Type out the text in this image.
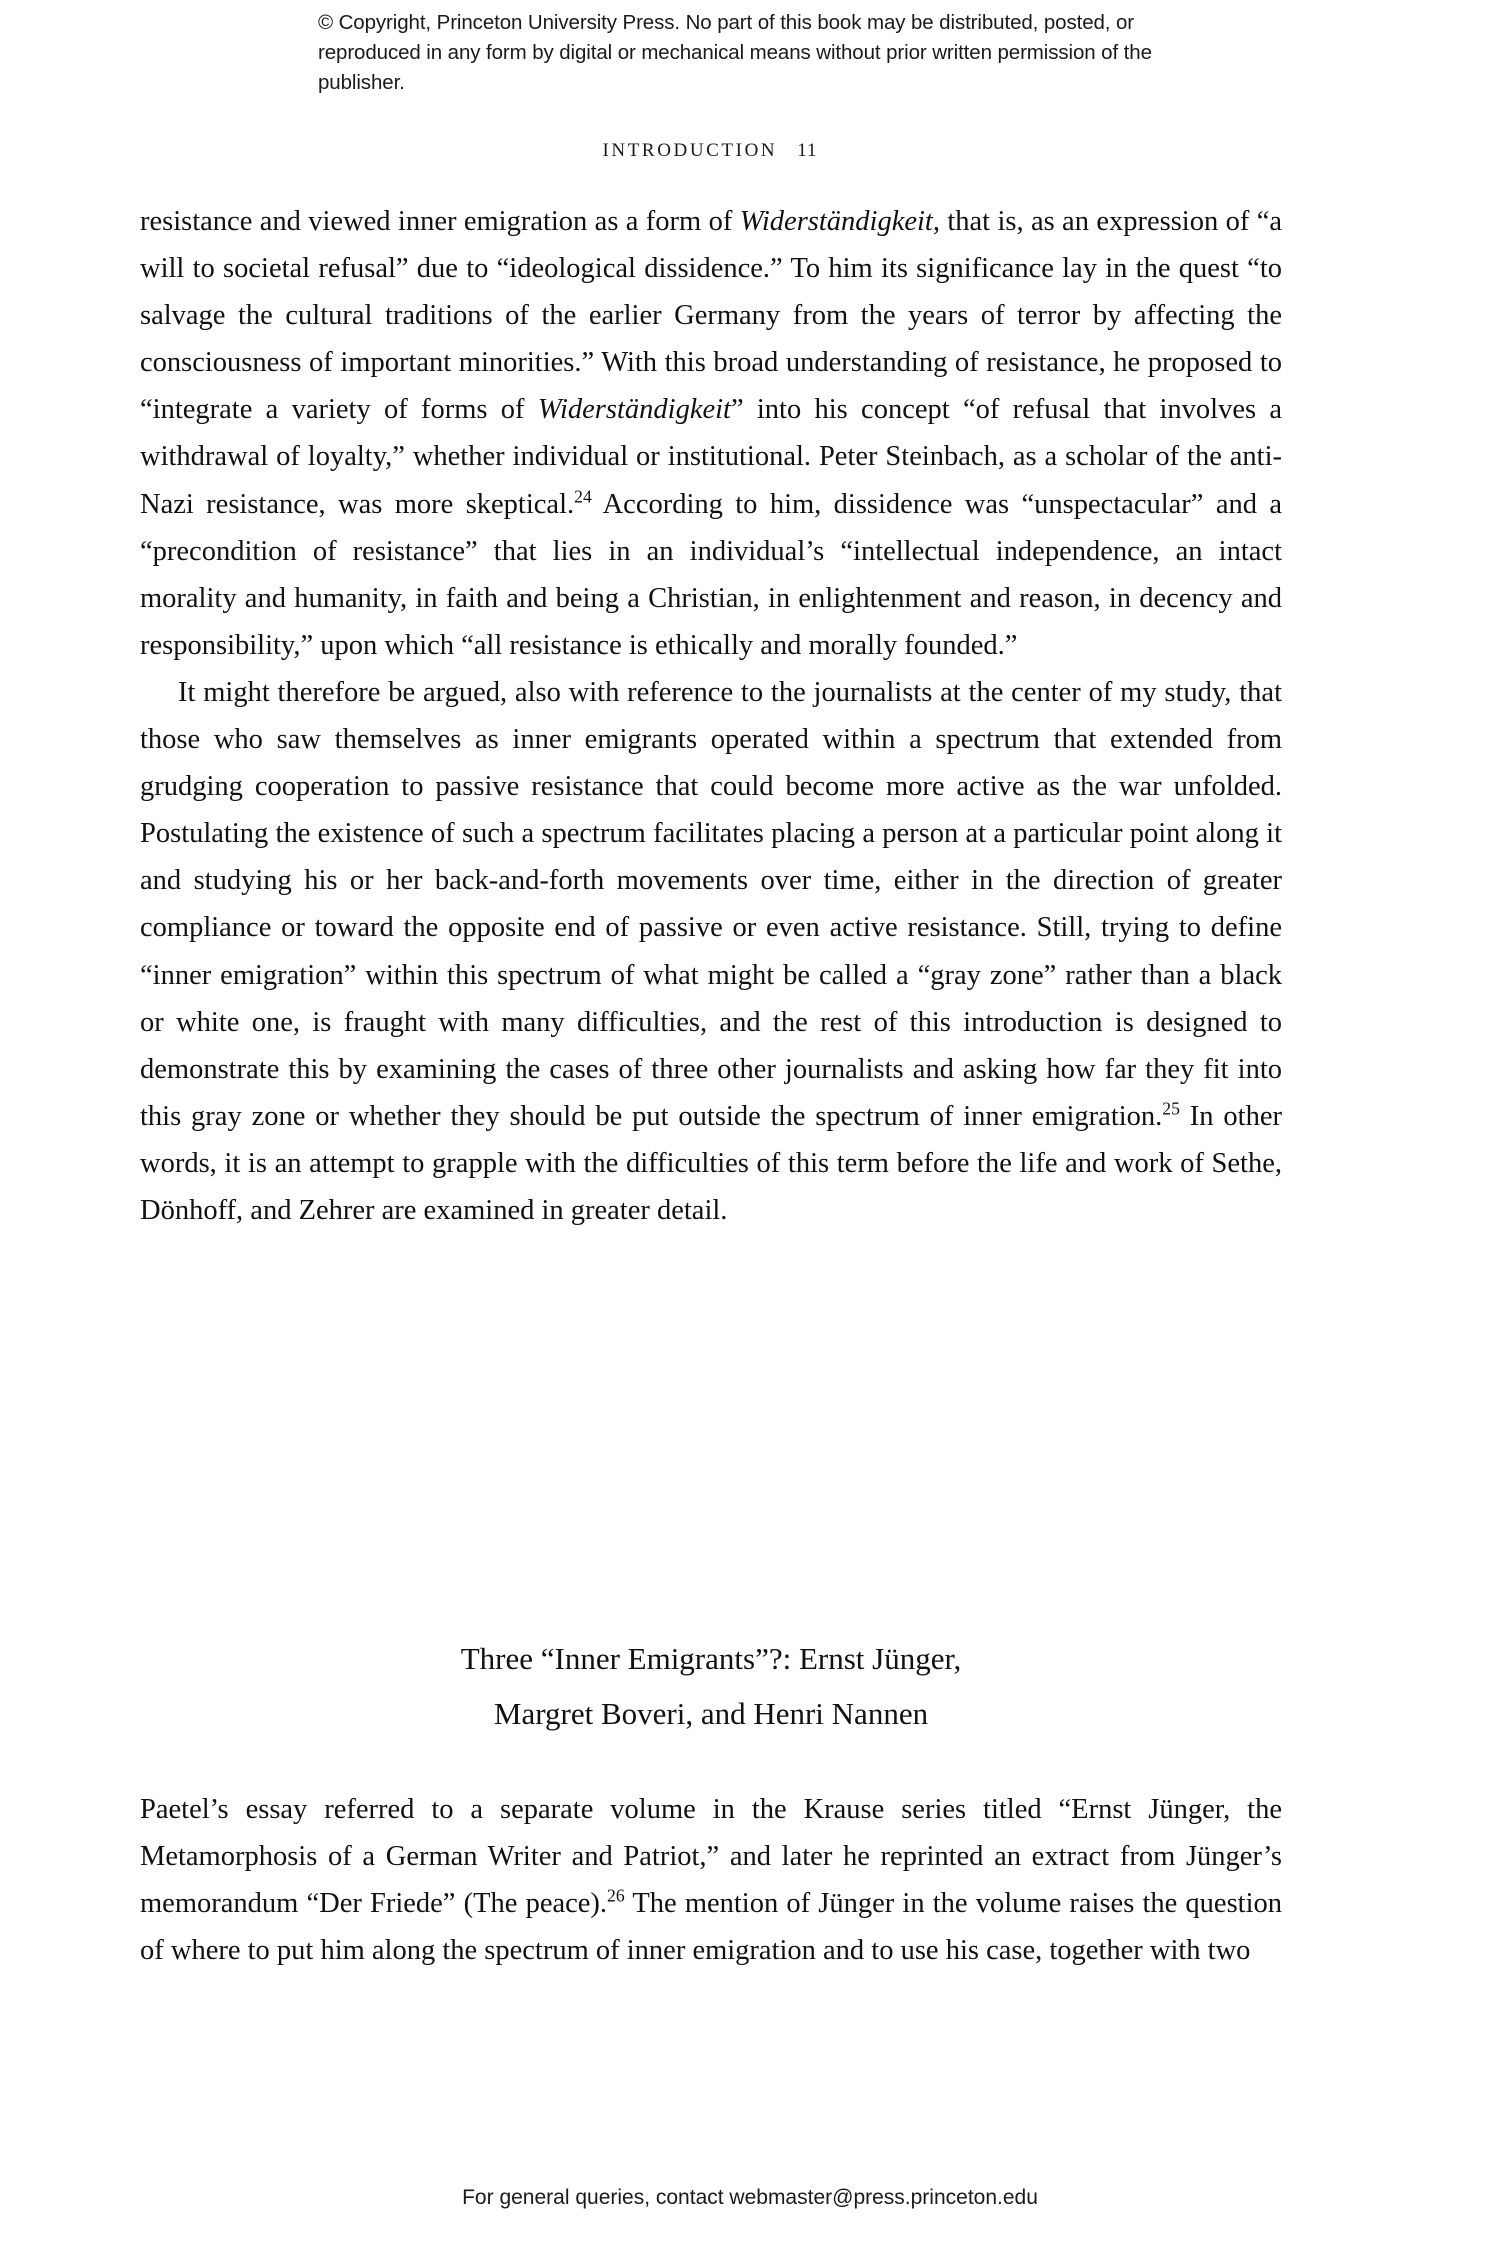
© Copyright, Princeton University Press. No part of this book may be distributed, posted, or reproduced in any form by digital or mechanical means without prior written permission of the publisher.
INTRODUCTION 11

resistance and viewed inner emigration as a form of Widerständigkeit, that is, as an expression of “a will to societal refusal” due to “ideological dissidence.” To him its significance lay in the quest “to salvage the cultural traditions of the earlier Germany from the years of terror by affecting the consciousness of important minorities.” With this broad understanding of resistance, he proposed to “integrate a variety of forms of Widerständigkeit” into his concept “of refusal that involves a withdrawal of loyalty,” whether individual or institutional. Peter Steinbach, as a scholar of the anti-Nazi resistance, was more skeptical.$^{24}$ According to him, dissidence was “unspectacular” and a “precondition of resistance” that lies in an individual’s “intellectual independence, an intact morality and humanity, in faith and being a Christian, in enlightenment and reason, in decency and responsibility,” upon which “all resistance is ethically and morally founded.”

It might therefore be argued, also with reference to the journalists at the center of my study, that those who saw themselves as inner emigrants operated within a spectrum that extended from grudging cooperation to passive resistance that could become more active as the war unfolded. Postulating the existence of such a spectrum facilitates placing a person at a particular point along it and studying his or her back-and-forth movements over time, either in the direction of greater compliance or toward the opposite end of passive or even active resistance. Still, trying to define “inner emigration” within this spectrum of what might be called a “gray zone” rather than a black or white one, is fraught with many difficulties, and the rest of this introduction is designed to demonstrate this by examining the cases of three other journalists and asking how far they fit into this gray zone or whether they should be put outside the spectrum of inner emigration.$^{25}$ In other words, it is an attempt to grapple with the difficulties of this term before the life and work of Sethe, Dönhoff, and Zehrer are examined in greater detail.

Three “Inner Emigrants”?: Ernst Jünger,
Margret Boveri, and Henri Nannen

Paetel’s essay referred to a separate volume in the Krause series titled “Ernst Jünger, the Metamorphosis of a German Writer and Patriot,” and later he reprinted an extract from Jünger’s memorandum “Der Friede” (The peace).$^{26}$ The mention of Jünger in the volume raises the question of where to put him along the spectrum of inner emigration and to use his case, together with two

For general queries, contact webmaster@press.princeton.edu
